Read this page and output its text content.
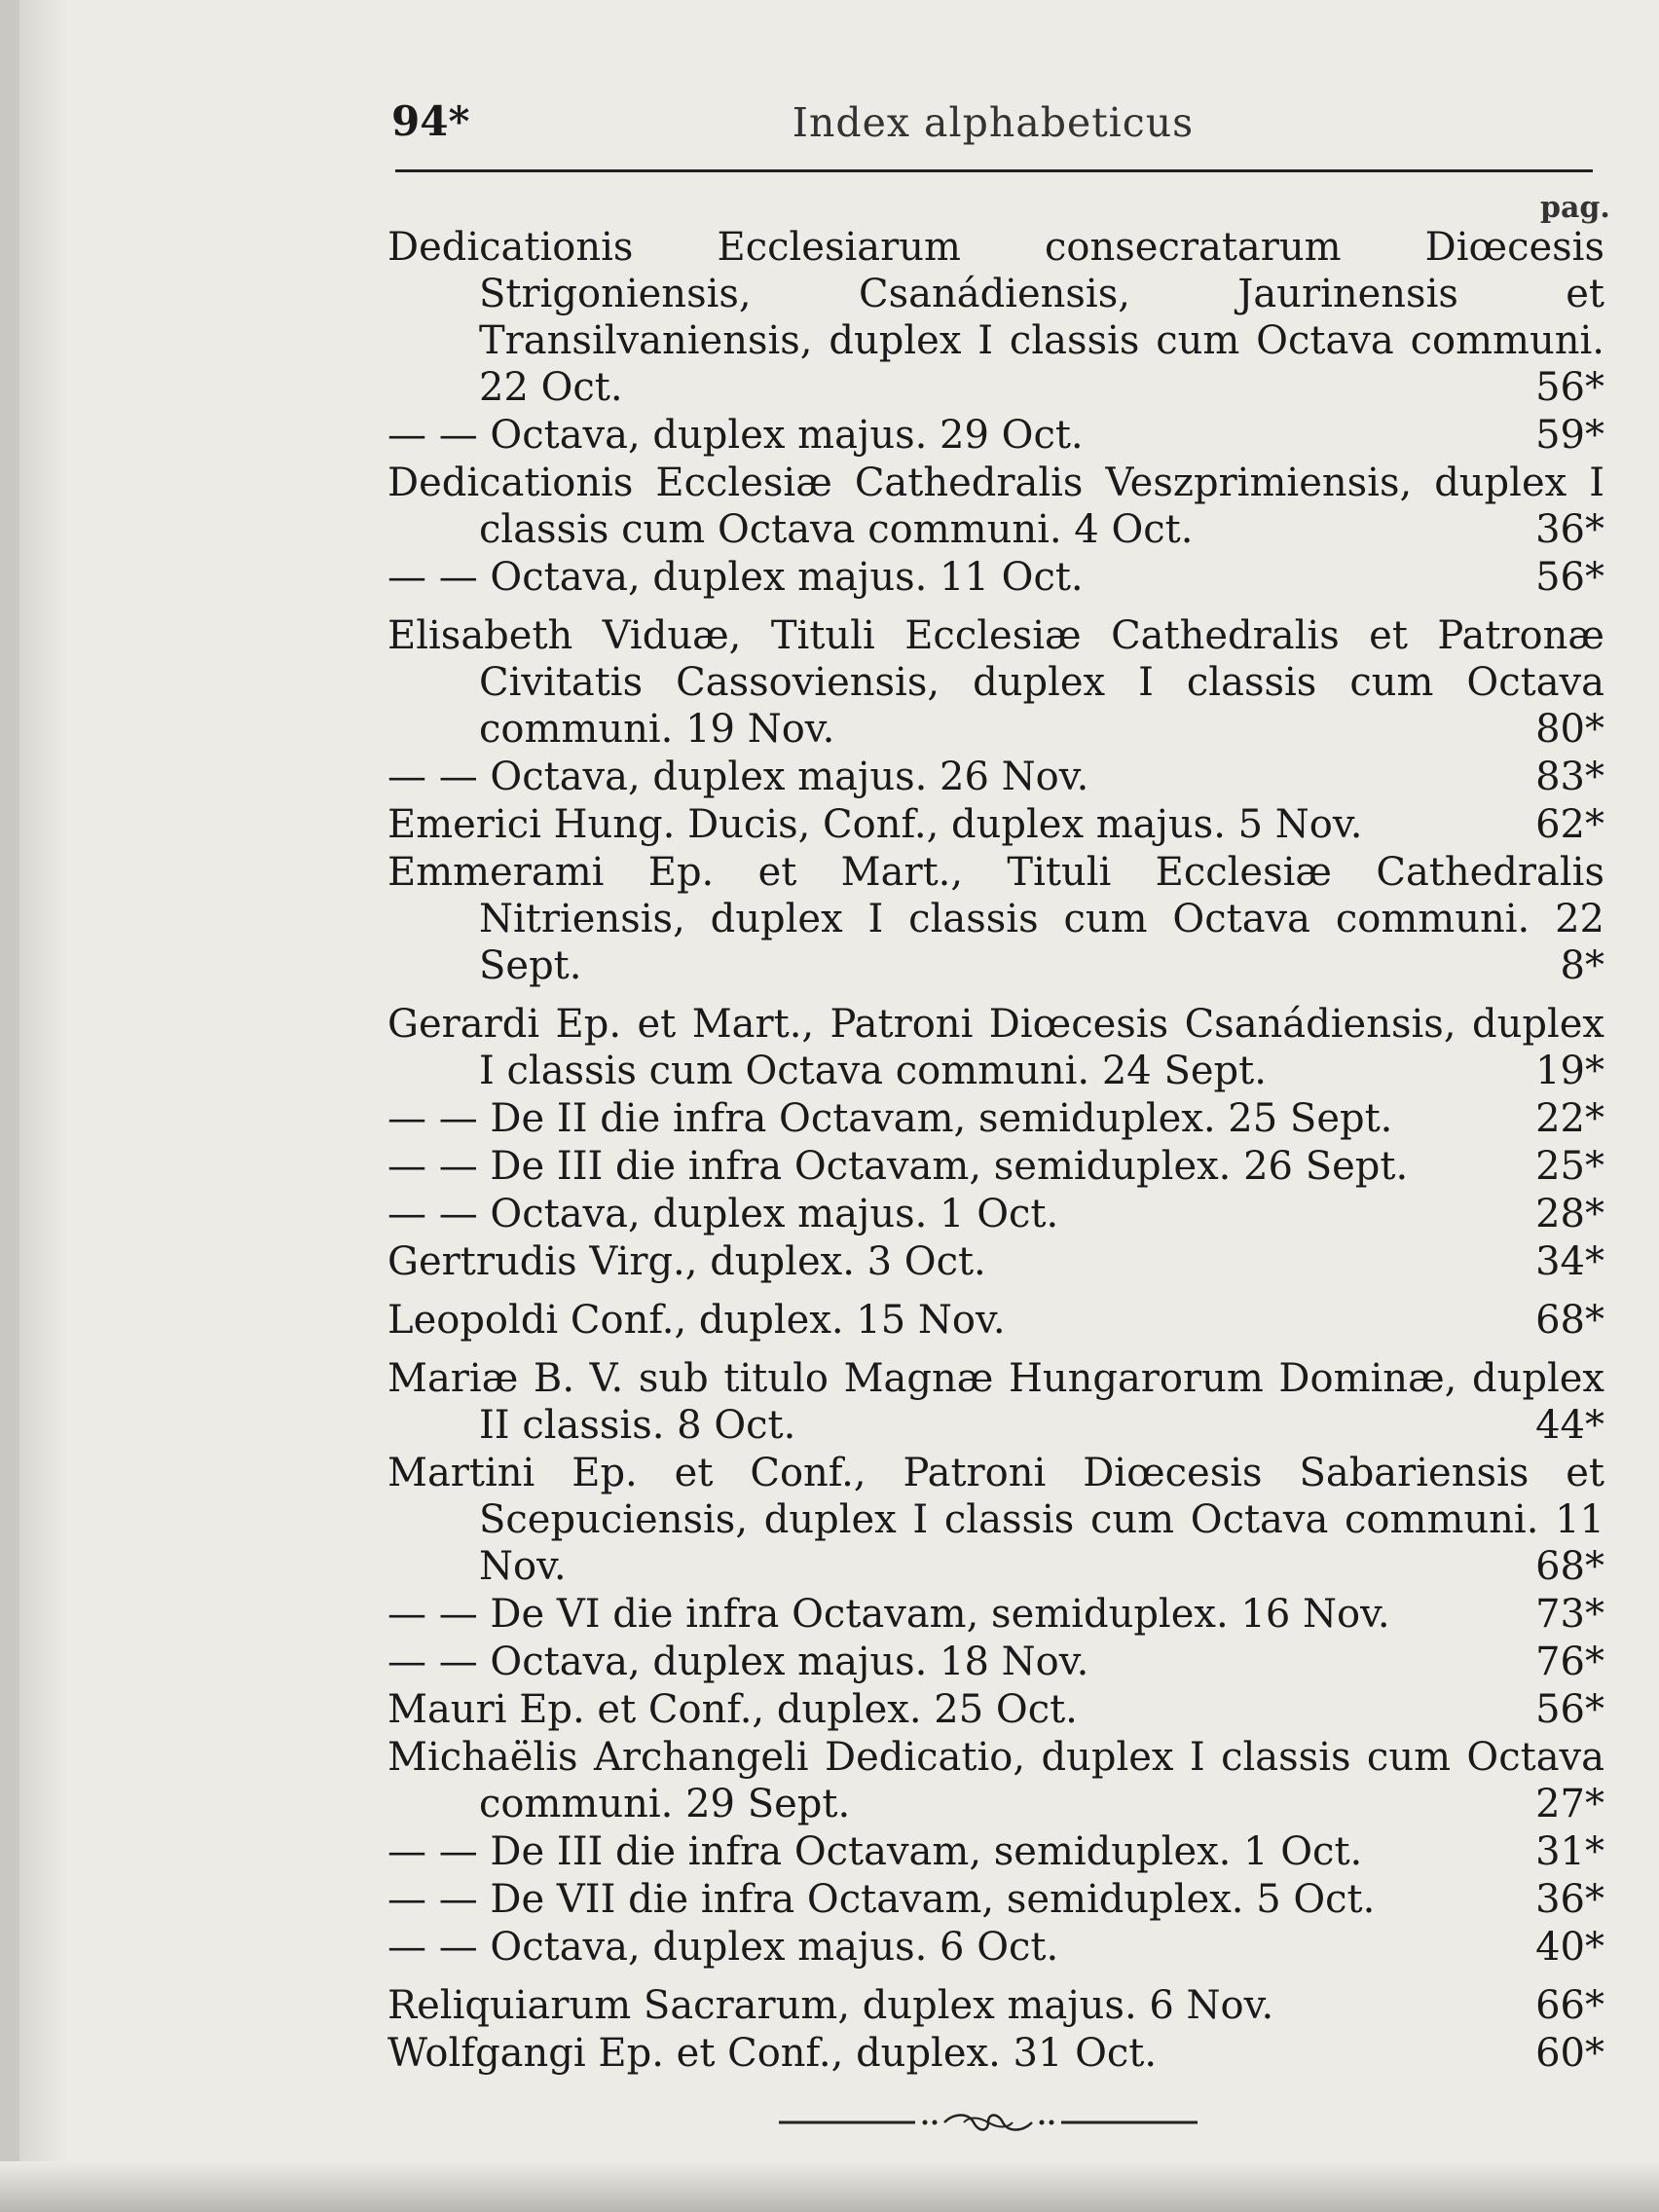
94*	Index alphabeticus
pag.
Dedicationis Ecclesiarum consecratarum Diœcesis Strigoniensis, Csanádiensis, Jaurinensis et Transilvaniensis, duplex I classis cum Octava communi. 22 Oct.	56*
— — Octava, duplex majus. 29 Oct.	59*
Dedicationis Ecclesiæ Cathedralis Veszprimiensis, duplex I classis cum Octava communi. 4 Oct.	36*
— — Octava, duplex majus. 11 Oct.	56*
Elisabeth Viduæ, Tituli Ecclesiæ Cathedralis et Patronæ Civitatis Cassoviensis, duplex I classis cum Octava communi. 19 Nov.	80*
— — Octava, duplex majus. 26 Nov.	83*
Emerici Hung. Ducis, Conf., duplex majus. 5 Nov.	62*
Emmerami Ep. et Mart., Tituli Ecclesiæ Cathedralis Nitriensis, duplex I classis cum Octava communi. 22 Sept.	8*
Gerardi Ep. et Mart., Patroni Diœcesis Csanádiensis, duplex I classis cum Octava communi. 24 Sept.	19*
— — De II die infra Octavam, semiduplex. 25 Sept.	22*
— — De III die infra Octavam, semiduplex. 26 Sept.	25*
— — Octava, duplex majus. 1 Oct.	28*
Gertrudis Virg., duplex. 3 Oct.	34*
Leopoldi Conf., duplex. 15 Nov.	68*
Mariæ B. V. sub titulo Magnæ Hungarorum Dominæ, duplex II classis. 8 Oct.	44*
Martini Ep. et Conf., Patroni Diœcesis Sabariensis et Scepuciensis, duplex I classis cum Octava communi. 11 Nov.	68*
— — De VI die infra Octavam, semiduplex. 16 Nov.	73*
— — Octava, duplex majus. 18 Nov.	76*
Mauri Ep. et Conf., duplex. 25 Oct.	56*
Michaëlis Archangeli Dedicatio, duplex I classis cum Octava communi. 29 Sept.	27*
— — De III die infra Octavam, semiduplex. 1 Oct.	31*
— — De VII die infra Octavam, semiduplex. 5 Oct.	36*
— — Octava, duplex majus. 6 Oct.	40*
Reliquiarum Sacrarum, duplex majus. 6 Nov.	66*
Wolfgangi Ep. et Conf., duplex. 31 Oct.	60*
